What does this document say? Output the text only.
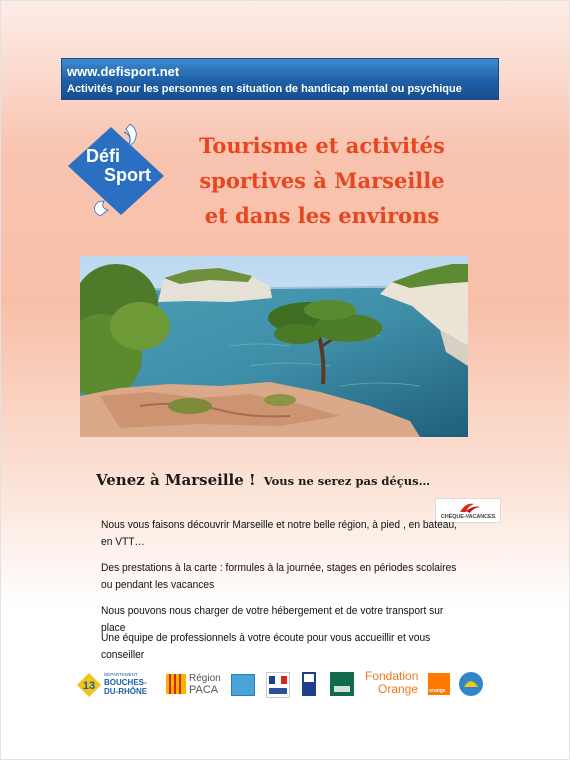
www.defisport.net
Activités pour les personnes en situation de handicap mental ou psychique
Défi
Sport
Tourisme et activités
sportives à Marseille
et dans les environs
Venez à Marseille ! Vous ne serez pas déçus…
CHÈQUE-VACANCES
Nous vous faisons découvrir Marseille et notre belle région, à pied , en bateau, en VTT…
Des prestations à la carte : formules à la journée, stages en périodes scolaires ou pendant les vacances
Nous pouvons nous charger de votre hébergement et de votre transport sur place
Une équipe de professionnels à votre écoute pour vous accueillir et vous conseiller
13
DÉPARTEMENT
BOUCHES-
DU-RHÔNE
Région
PACA
Fondation
Orange orange
